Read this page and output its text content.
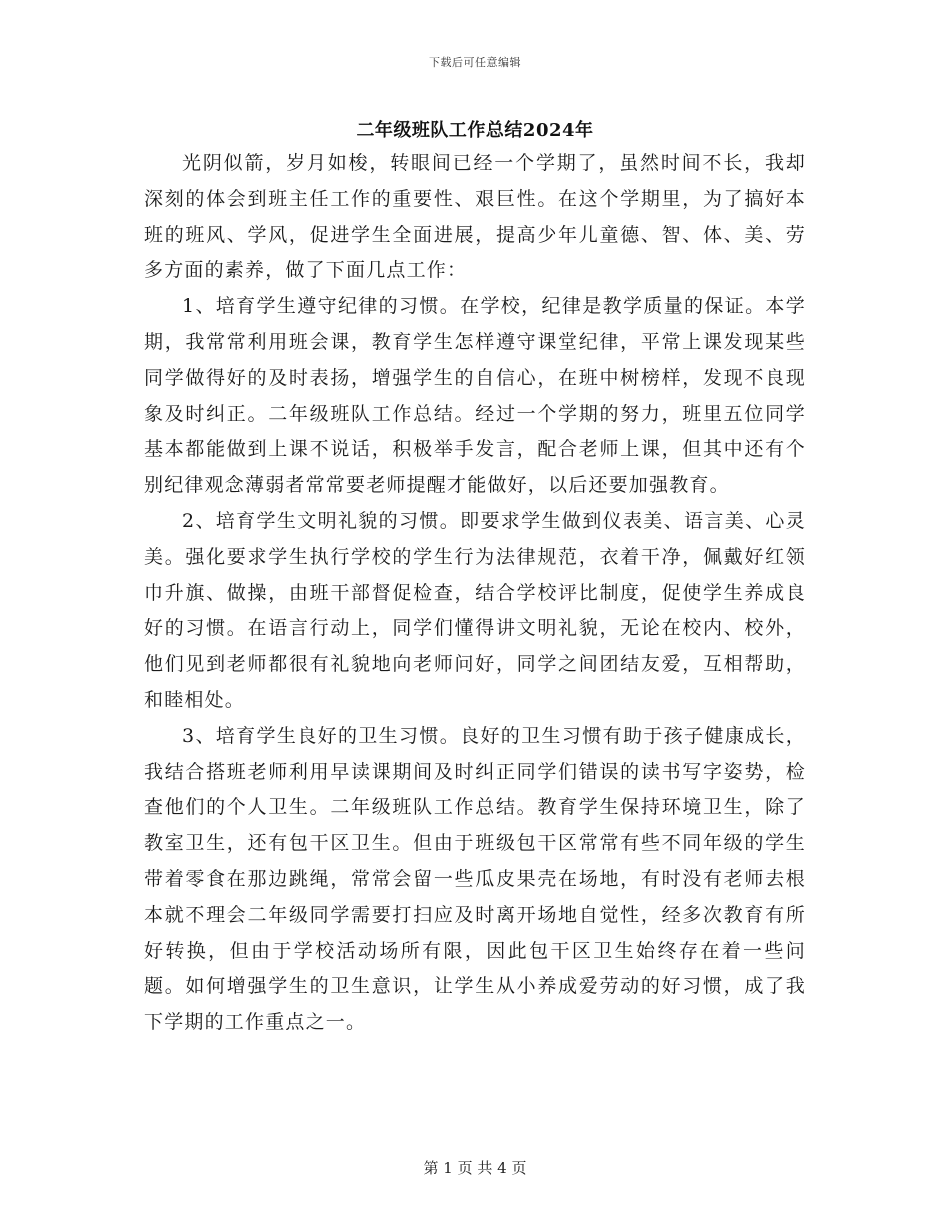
下载后可任意编辑
二年级班队工作总结2024年

光阴似箭，岁月如梭，转眼间已经一个学期了，虽然时间不长，我却深刻的体会到班主任工作的重要性、艰巨性。在这个学期里，为了搞好本班的班风、学风，促进学生全面进展，提高少年儿童德、智、体、美、劳多方面的素养，做了下面几点工作：

1、培育学生遵守纪律的习惯。在学校，纪律是教学质量的保证。本学期，我常常利用班会课，教育学生怎样遵守课堂纪律，平常上课发现某些同学做得好的及时表扬，增强学生的自信心，在班中树榜样，发现不良现象及时纠正。二年级班队工作总结。经过一个学期的努力，班里五位同学基本都能做到上课不说话，积极举手发言，配合老师上课，但其中还有个别纪律观念薄弱者常常要老师提醒才能做好，以后还要加强教育。

2、培育学生文明礼貌的习惯。即要求学生做到仪表美、语言美、心灵美。强化要求学生执行学校的学生行为法律规范，衣着干净，佩戴好红领巾升旗、做操，由班干部督促检查，结合学校评比制度，促使学生养成良好的习惯。在语言行动上，同学们懂得讲文明礼貌，无论在校内、校外，他们见到老师都很有礼貌地向老师问好，同学之间团结友爱，互相帮助，和睦相处。

3、培育学生良好的卫生习惯。良好的卫生习惯有助于孩子健康成长，我结合搭班老师利用早读课期间及时纠正同学们错误的读书写字姿势，检查他们的个人卫生。二年级班队工作总结。教育学生保持环境卫生，除了教室卫生，还有包干区卫生。但由于班级包干区常常有些不同年级的学生带着零食在那边跳绳，常常会留一些瓜皮果壳在场地，有时没有老师去根本就不理会二年级同学需要打扫应及时离开场地自觉性，经多次教育有所好转换，但由于学校活动场所有限，因此包干区卫生始终存在着一些问题。如何增强学生的卫生意识，让学生从小养成爱劳动的好习惯，成了我下学期的工作重点之一。

第 1 页 共 4 页
